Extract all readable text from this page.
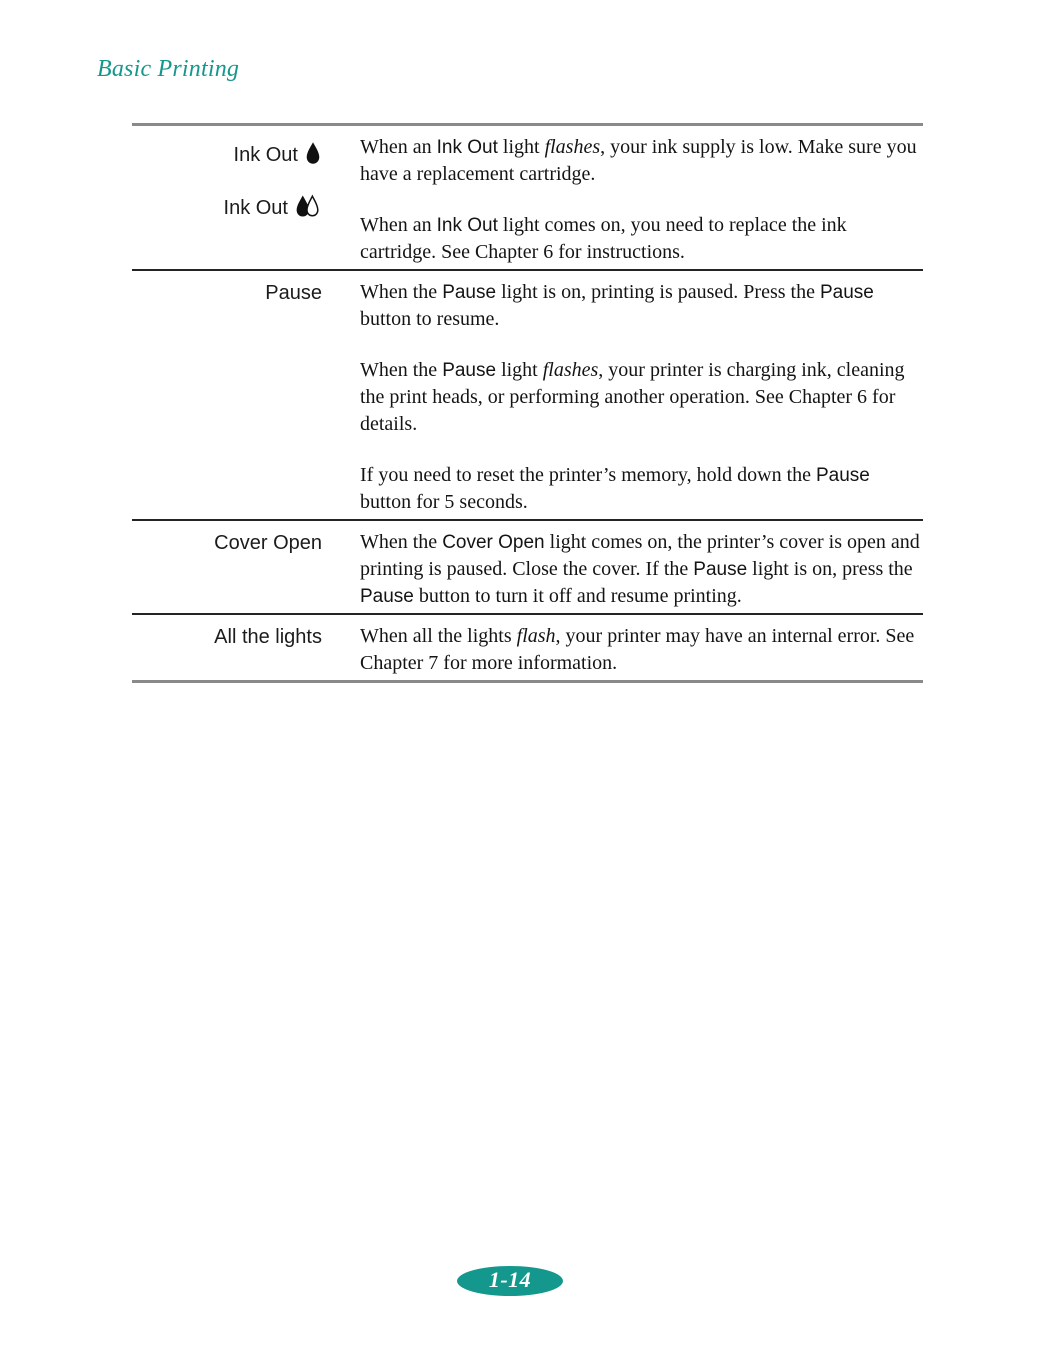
Basic Printing
Ink Out
Ink Out

When an Ink Out light flashes, your ink supply is low. Make sure you have a replacement cartridge.

When an Ink Out light comes on, you need to replace the ink cartridge. See Chapter 6 for instructions.

Pause When the Pause light is on, printing is paused. Press the Pause button to resume.

When the Pause light flashes, your printer is charging ink, cleaning the print heads, or performing another operation. See Chapter 6 for details.

If you need to reset the printer’s memory, hold down the Pause button for 5 seconds.

Cover Open When the Cover Open light comes on, the printer’s cover is open and printing is paused. Close the cover. If the Pause light is on, press the Pause button to turn it off and resume printing.

All the lights When all the lights flash, your printer may have an internal error. See Chapter 7 for more information.

1-14
